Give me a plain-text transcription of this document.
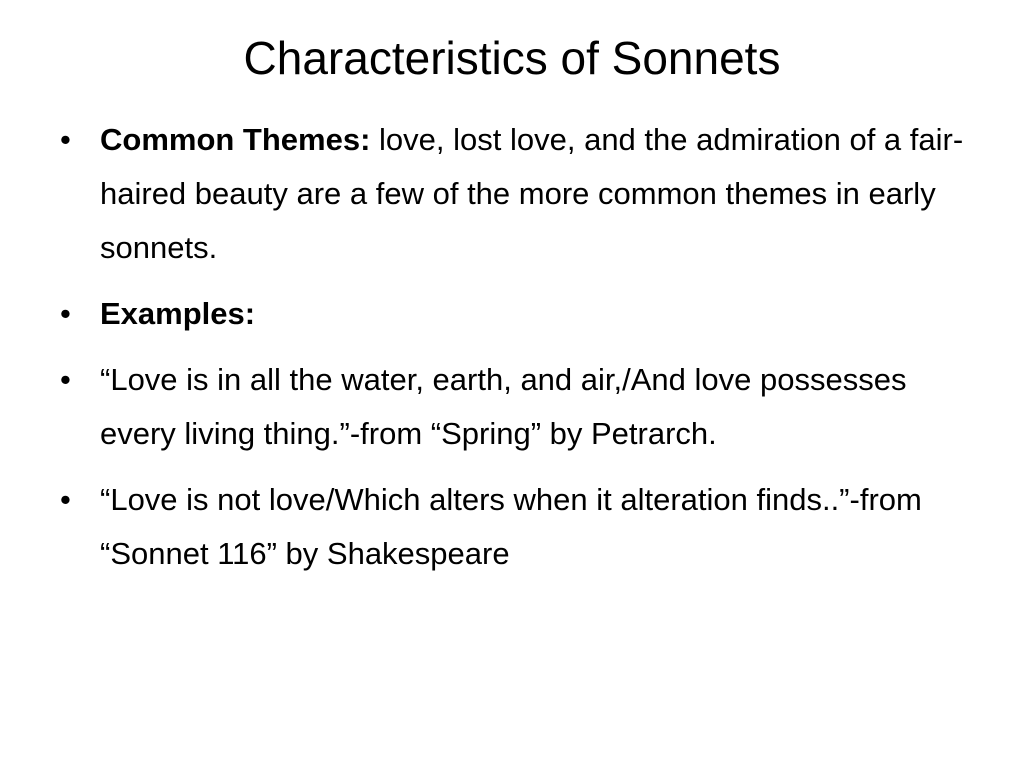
Characteristics of Sonnets
• Common Themes: love, lost love, and the admiration of a fair-haired beauty are a few of the more common themes in early sonnets.
• Examples:
• “Love is in all the water, earth, and air,/And love possesses every living thing.”-from “Spring” by Petrarch.
• “Love is not love/Which alters when it alteration finds..”-from “Sonnet 116” by Shakespeare
